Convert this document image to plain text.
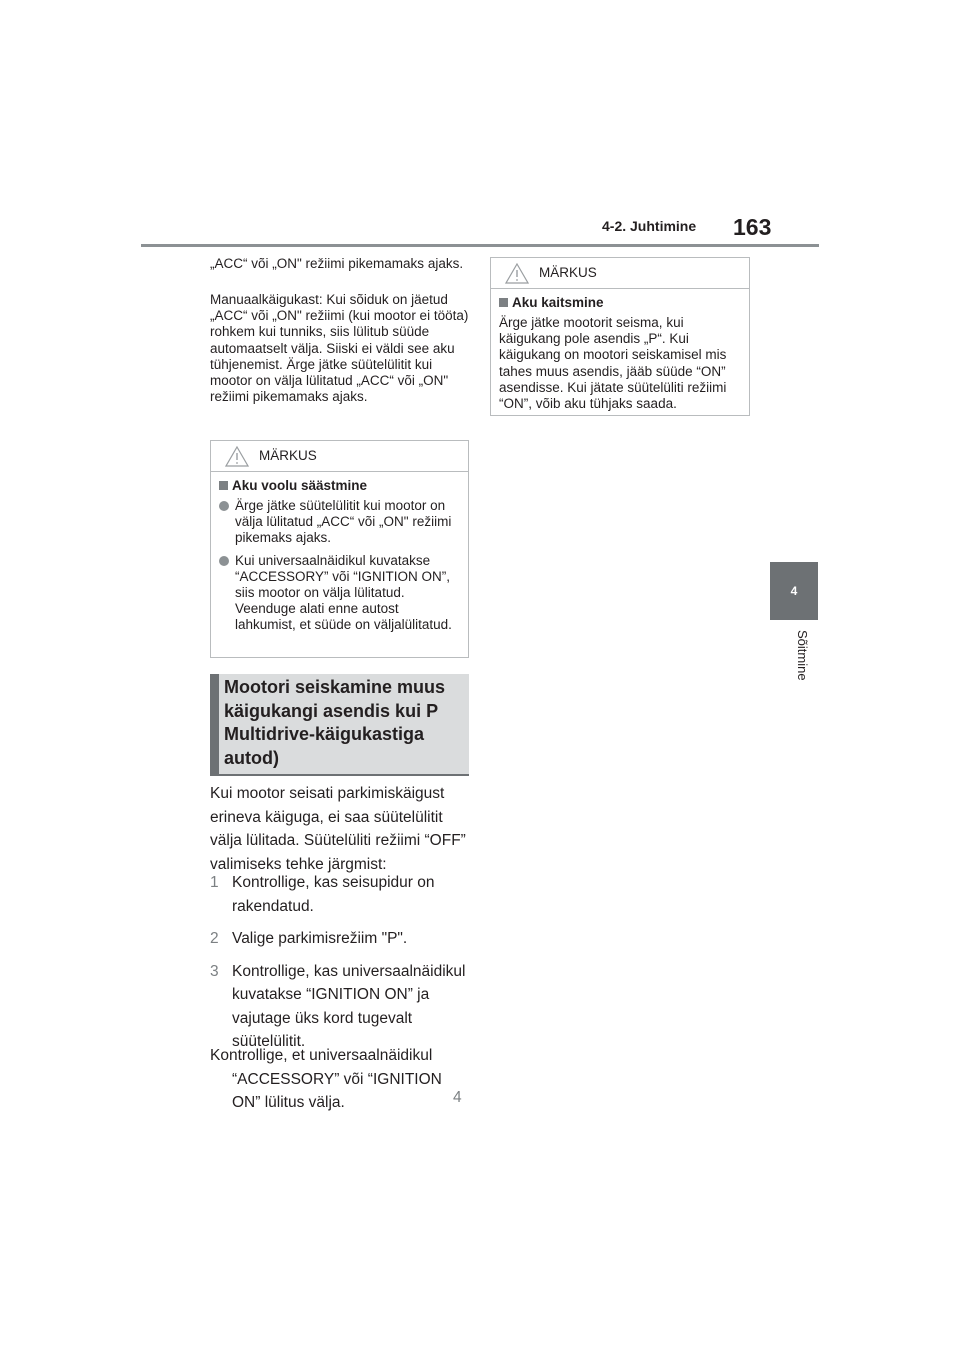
4-2. Juhtimine 163
4
Sõitmine
„ACC“ või „ON" režiimi pikemamaks ajaks.
Manuaalkäigukast: Kui sõiduk on jäetud „ACC“ või „ON" režiimi (kui mootor ei tööta) rohkem kui tunniks, siis lülitub süüde automaatselt välja. Siiski ei väldi see aku tühjenemist. Ärge jätke süütelülitit kui mootor on välja lülitatud „ACC“ või „ON" režiimi pikemamaks ajaks.
MÄRKUS
Aku voolu säästmine
Ärge jätke süütelülitit kui mootor on välja lülitatud „ACC“ või „ON" režiimi pikemaks ajaks.
Kui universaalnäidikul kuvatakse “ACCESSORY” või “IGNITION ON”, siis mootor on välja lülitatud. Veenduge alati enne autost lahkumist, et süüde on väljalülitatud.
MÄRKUS
Aku kaitsmine
Ärge jätke mootorit seisma, kui käigukang pole asendis „P“. Kui käigukang on mootori seiskamisel mis tahes muus asendis, jääb süüde “ON” asendisse. Kui jätate süütelüliti režiimi “ON”, võib aku tühjaks saada.
Mootori seiskamine muus käigukangi asendis kui P Multidrive-käigukastiga autod)
Kui mootor seisati parkimiskäigust erineva käiguga, ei saa süütelülitit välja lülitada. Süütelüliti režiimi “OFF” valimiseks tehke järgmist:
1 Kontrollige, kas seisupidur on rakendatud.
2 Valige parkimisrežiim "P".
3 Kontrollige, kas universaalnäidikul kuvatakse “IGNITION ON” ja vajutage üks kord tugevalt süütelülitit.
Kontrollige, et universaalnäidikul
“ACCESSORY” või “IGNITION ON” lülitus välja.	4
